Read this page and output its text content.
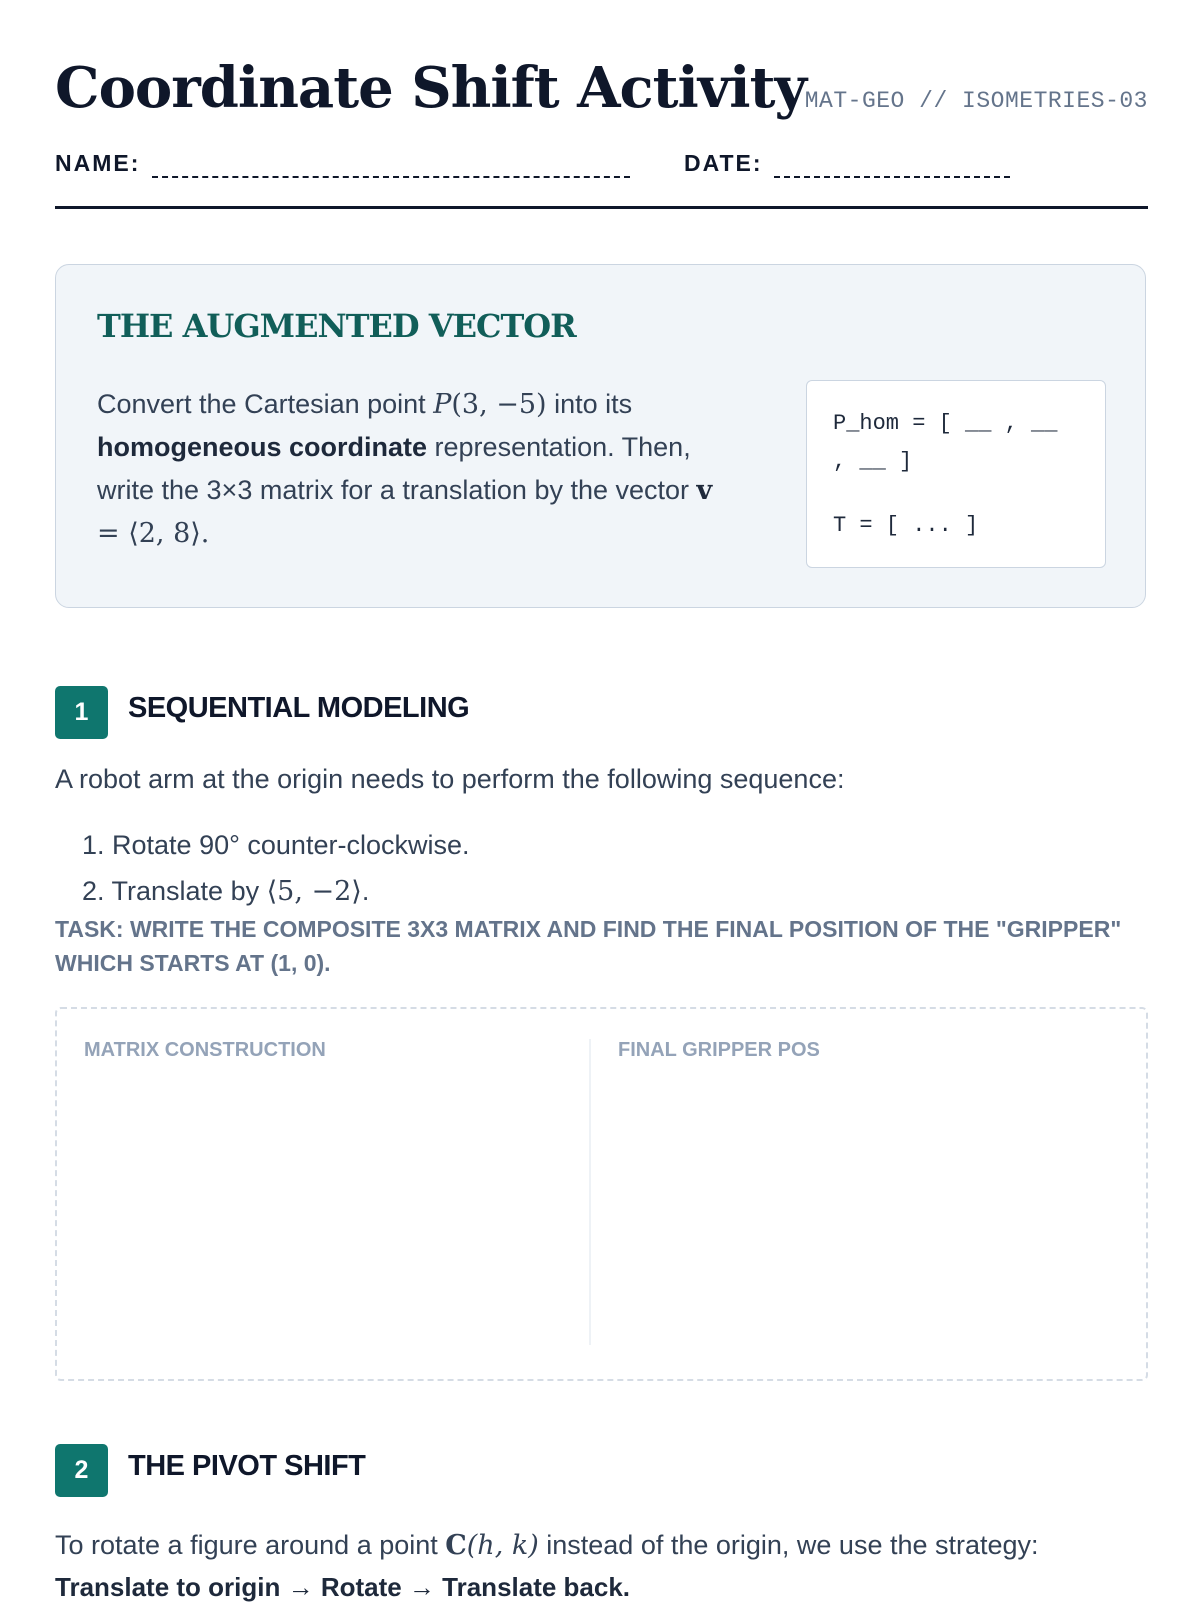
Coordinate Shift Activity
MAT-GEO // ISOMETRIES-03
NAME:	DATE:
THE AUGMENTED VECTOR
Convert the Cartesian point P(3, −5) into its homogeneous coordinate representation. Then, write the 3×3 matrix for a translation by the vector v = ⟨2, 8⟩.
P_hom = [ __ , __ , __ ]
T = [ ... ]
1	SEQUENTIAL MODELING
A robot arm at the origin needs to perform the following sequence:
1. Rotate 90° counter-clockwise.
2. Translate by ⟨5, −2⟩.
TASK: WRITE THE COMPOSITE 3X3 MATRIX AND FIND THE FINAL POSITION OF THE "GRIPPER" WHICH STARTS AT (1, 0).
MATRIX CONSTRUCTION	FINAL GRIPPER POS
2	THE PIVOT SHIFT
To rotate a figure around a point C(h, k) instead of the origin, we use the strategy:
Translate to origin → Rotate → Translate back.
